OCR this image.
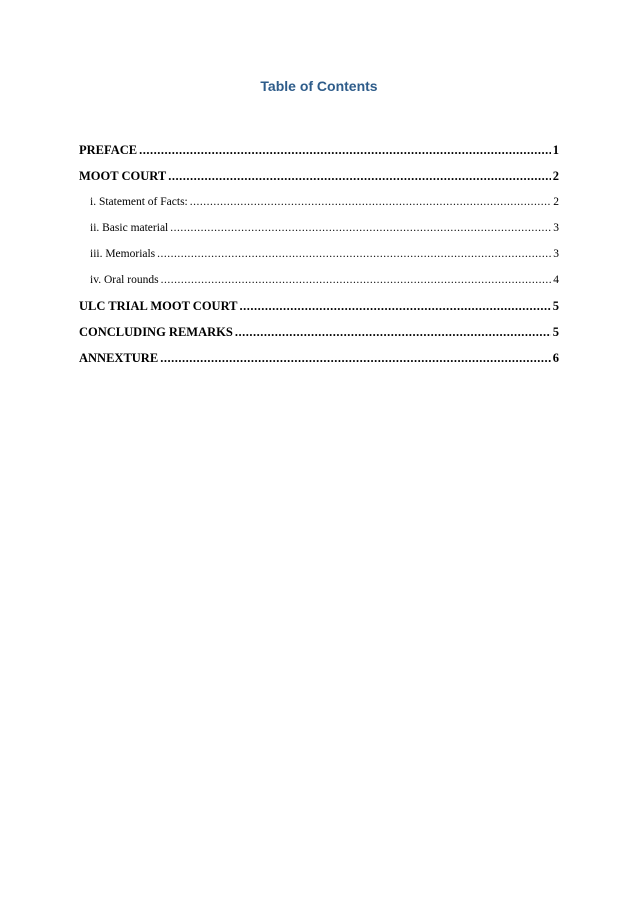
Table of Contents
PREFACE .....	1
MOOT COURT .....	2
i. Statement of Facts: .....	2
ii. Basic material .....	3
iii. Memorials .....	3
iv. Oral rounds .....	4
ULC TRIAL MOOT COURT .....	5
CONCLUDING REMARKS .....	5
ANNEXTURE .....	6
